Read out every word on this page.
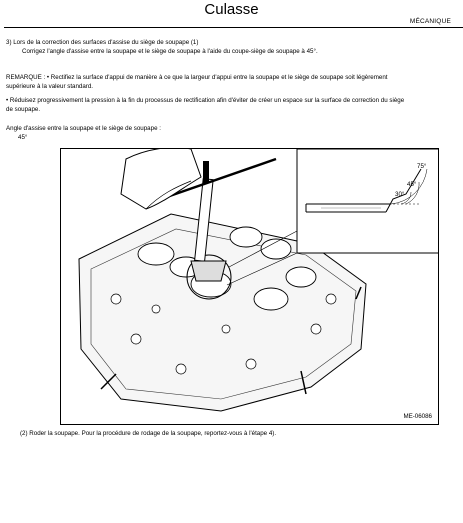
Culasse
MÉCANIQUE
3) Lors de la correction des surfaces d'assise du siège de soupape (1)
Corrigez l'angle d'assise entre la soupape et le siège de soupape à l'aide du coupe-siège de soupape à 45°.
REMARQUE : • Rectifiez la surface d'appui de manière à ce que la largeur d'appui entre la soupape et le siège de soupape soit légèrement
supérieure à la valeur standard.
• Réduisez progressivement la pression à la fin du processus de rectification afin d'éviter de créer un espace sur la surface de correction du siège
de soupape.
Angle d'assise entre la soupape et le siège de soupape :
45°
75°
45°
30°
ME-06086
(2) Roder la soupape. Pour la procédure de rodage de la soupape, reportez-vous à l'étape 4).
